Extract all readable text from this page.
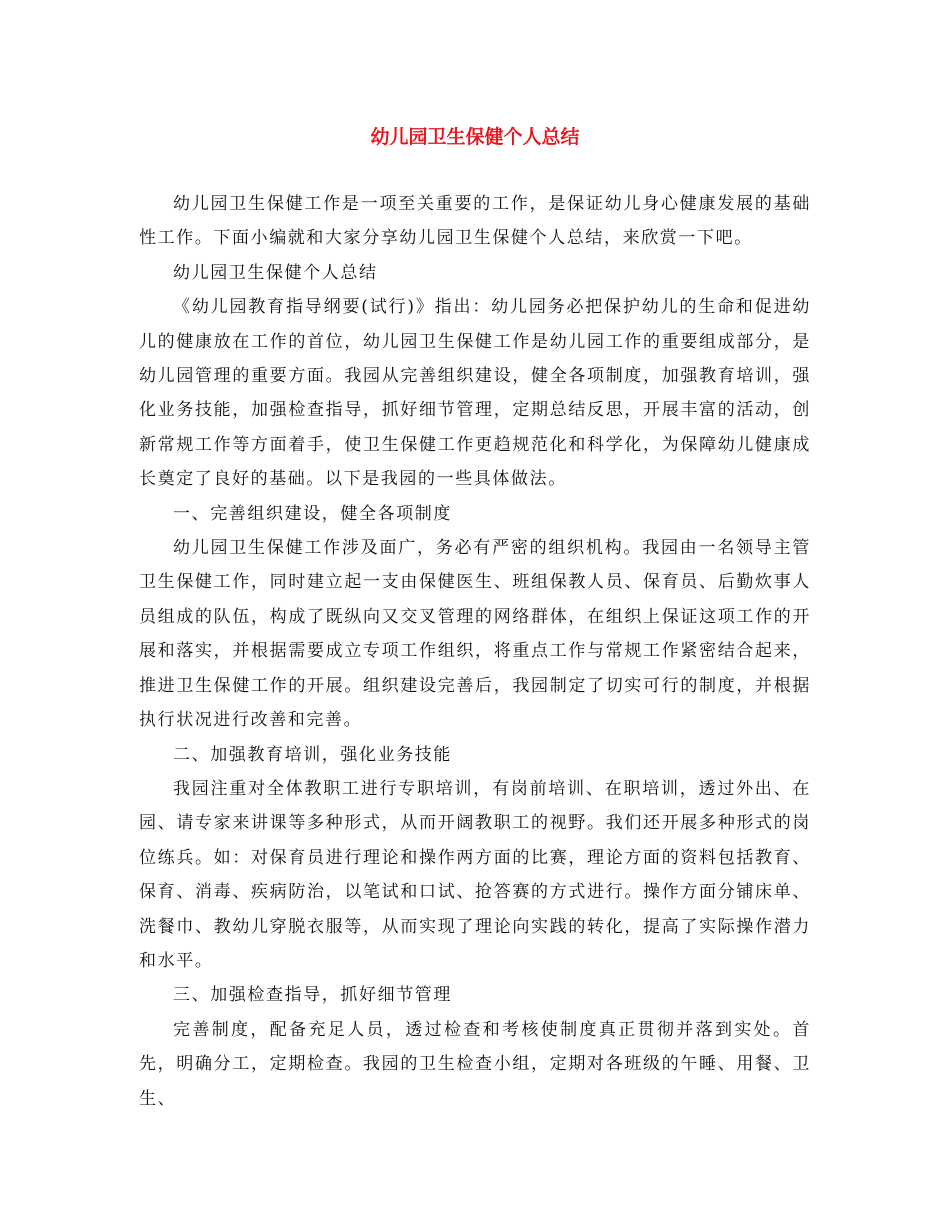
幼儿园卫生保健个人总结

幼儿园卫生保健工作是一项至关重要的工作，是保证幼儿身心健康发展的基础性工作。下面小编就和大家分享幼儿园卫生保健个人总结，来欣赏一下吧。

幼儿园卫生保健个人总结

《幼儿园教育指导纲要(试行)》指出：幼儿园务必把保护幼儿的生命和促进幼儿的健康放在工作的首位，幼儿园卫生保健工作是幼儿园工作的重要组成部分，是幼儿园管理的重要方面。我园从完善组织建设，健全各项制度，加强教育培训，强化业务技能，加强检查指导，抓好细节管理，定期总结反思，开展丰富的活动，创新常规工作等方面着手，使卫生保健工作更趋规范化和科学化，为保障幼儿健康成长奠定了良好的基础。以下是我园的一些具体做法。

一、完善组织建设，健全各项制度

幼儿园卫生保健工作涉及面广，务必有严密的组织机构。我园由一名领导主管卫生保健工作，同时建立起一支由保健医生、班组保教人员、保育员、后勤炊事人员组成的队伍，构成了既纵向又交叉管理的网络群体，在组织上保证这项工作的开展和落实，并根据需要成立专项工作组织，将重点工作与常规工作紧密结合起来，推进卫生保健工作的开展。组织建设完善后，我园制定了切实可行的制度，并根据执行状况进行改善和完善。

二、加强教育培训，强化业务技能

我园注重对全体教职工进行专职培训，有岗前培训、在职培训，透过外出、在园、请专家来讲课等多种形式，从而开阔教职工的视野。我们还开展多种形式的岗位练兵。如：对保育员进行理论和操作两方面的比赛，理论方面的资料包括教育、保育、消毒、疾病防治，以笔试和口试、抢答赛的方式进行。操作方面分铺床单、洗餐巾、教幼儿穿脱衣服等，从而实现了理论向实践的转化，提高了实际操作潜力和水平。

三、加强检查指导，抓好细节管理

完善制度，配备充足人员，透过检查和考核使制度真正贯彻并落到实处。首先，明确分工，定期检查。我园的卫生检查小组，定期对各班级的午睡、用餐、卫生、
